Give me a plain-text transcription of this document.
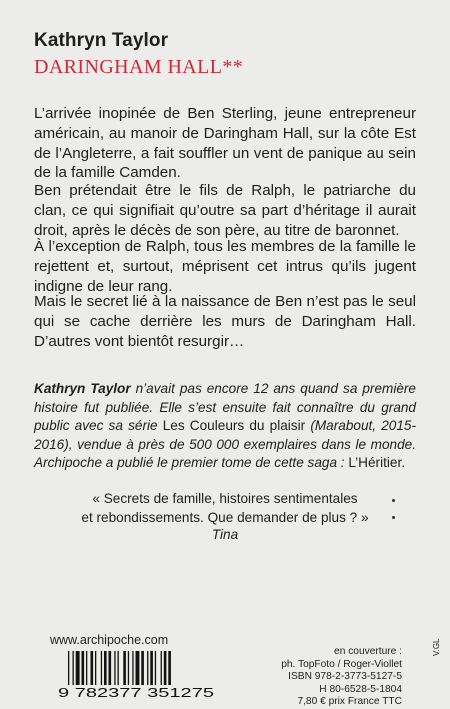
Kathryn Taylor
DARINGHAM HALL**

L’arrivée inopinée de Ben Sterling, jeune entrepreneur américain, au manoir de Daringham Hall, sur la côte Est de l’Angleterre, a fait souffler un vent de panique au sein de la famille Camden.

Ben prétendait être le fils de Ralph, le patriarche du clan, ce qui signifiait qu’outre sa part d’héritage il aurait droit, après le décès de son père, au titre de baronnet.

À l’exception de Ralph, tous les membres de la famille le rejettent et, surtout, méprisent cet intrus qu’ils jugent indigne de leur rang.

Mais le secret lié à la naissance de Ben n’est pas le seul qui se cache derrière les murs de Daringham Hall. D’autres vont bientôt resurgir…

Kathryn Taylor n’avait pas encore 12 ans quand sa première histoire fut publiée. Elle s’est ensuite fait connaître du grand public avec sa série Les Couleurs du plaisir (Marabout, 2015-2016), vendue à près de 500 000 exemplaires dans le monde. Archipoche a publié le premier tome de cette saga : L’Héritier.

« Secrets de famille, histoires sentimentales
et rebondissements. Que demander de plus ? »

Tina
www.archipoche.com
9 782377 351275
en couverture :
ph. TopFoto / Roger-Viollet
ISBN 978-2-3773-5127-5
H 80-6528-5-1804
7,80 € prix France TTC
V.GL
